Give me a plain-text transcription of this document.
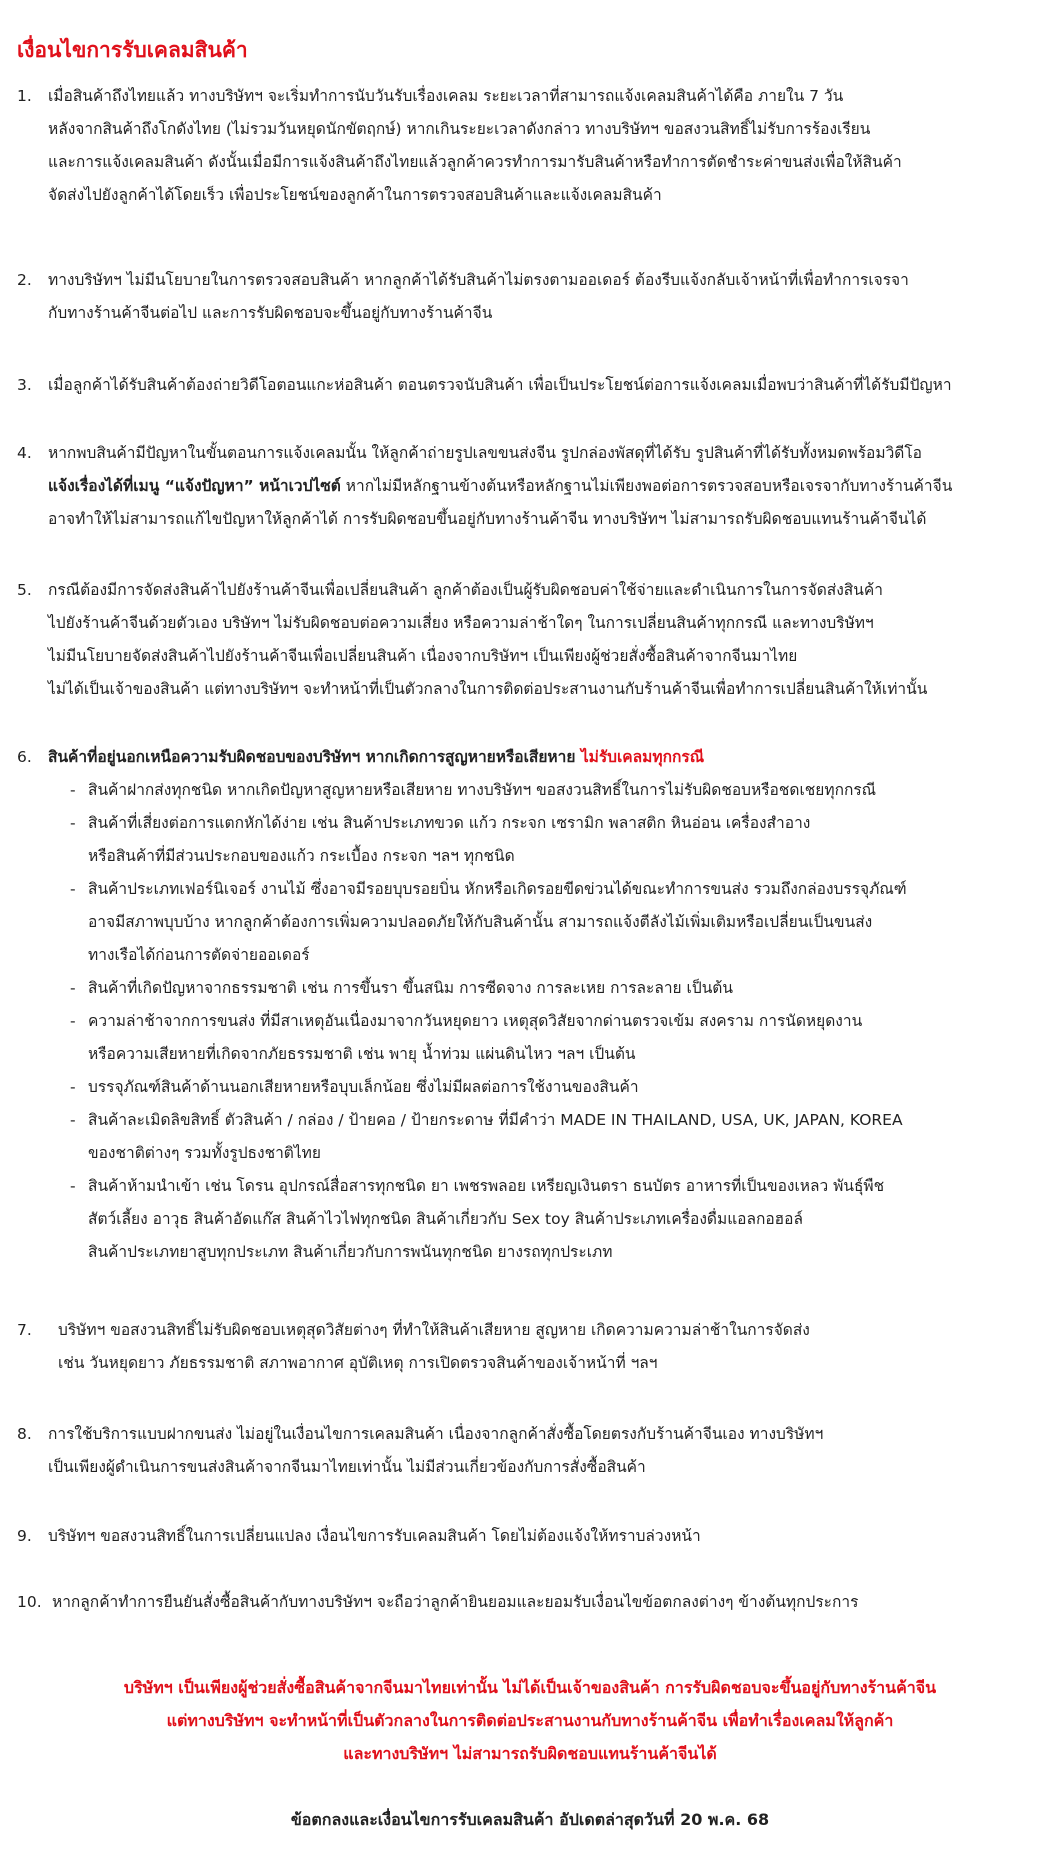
เงื่อนไขการรับเคลมสินค้า
1. เมื่อสินค้าถึงไทยแล้ว ทางบริษัทฯ จะเริ่มทำการนับวันรับเรื่องเคลม ระยะเวลาที่สามารถแจ้งเคลมสินค้าได้คือ ภายใน 7 วัน
หลังจากสินค้าถึงโกดังไทย (ไม่รวมวันหยุดนักขัตฤกษ์) หากเกินระยะเวลาดังกล่าว ทางบริษัทฯ ขอสงวนสิทธิ์ไม่รับการร้องเรียน
และการแจ้งเคลมสินค้า ดังนั้นเมื่อมีการแจ้งสินค้าถึงไทยแล้วลูกค้าควรทำการมารับสินค้าหรือทำการตัดชำระค่าขนส่งเพื่อให้สินค้า
จัดส่งไปยังลูกค้าได้โดยเร็ว เพื่อประโยชน์ของลูกค้าในการตรวจสอบสินค้าและแจ้งเคลมสินค้า
2. ทางบริษัทฯ ไม่มีนโยบายในการตรวจสอบสินค้า หากลูกค้าได้รับสินค้าไม่ตรงตามออเดอร์ ต้องรีบแจ้งกลับเจ้าหน้าที่เพื่อทำการเจรจา
กับทางร้านค้าจีนต่อไป และการรับผิดชอบจะขึ้นอยู่กับทางร้านค้าจีน
3. เมื่อลูกค้าได้รับสินค้าต้องถ่ายวิดีโอตอนแกะห่อสินค้า ตอนตรวจนับสินค้า เพื่อเป็นประโยชน์ต่อการแจ้งเคลมเมื่อพบว่าสินค้าที่ได้รับมีปัญหา
4. หากพบสินค้ามีปัญหาในขั้นตอนการแจ้งเคลมนั้น ให้ลูกค้าถ่ายรูปเลขขนส่งจีน รูปกล่องพัสดุที่ได้รับ รูปสินค้าที่ได้รับทั้งหมดพร้อมวิดีโอ
แจ้งเรื่องได้ที่เมนู “แจ้งปัญหา” หน้าเวปไซต์ หากไม่มีหลักฐานข้างต้นหรือหลักฐานไม่เพียงพอต่อการตรวจสอบหรือเจรจากับทางร้านค้าจีน
อาจทำให้ไม่สามารถแก้ไขปัญหาให้ลูกค้าได้ การรับผิดชอบขึ้นอยู่กับทางร้านค้าจีน ทางบริษัทฯ ไม่สามารถรับผิดชอบแทนร้านค้าจีนได้
5. กรณีต้องมีการจัดส่งสินค้าไปยังร้านค้าจีนเพื่อเปลี่ยนสินค้า ลูกค้าต้องเป็นผู้รับผิดชอบค่าใช้จ่ายและดำเนินการในการจัดส่งสินค้า
ไปยังร้านค้าจีนด้วยตัวเอง บริษัทฯ ไม่รับผิดชอบต่อความเสี่ยง หรือความล่าช้าใดๆ ในการเปลี่ยนสินค้าทุกกรณี และทางบริษัทฯ
ไม่มีนโยบายจัดส่งสินค้าไปยังร้านค้าจีนเพื่อเปลี่ยนสินค้า เนื่องจากบริษัทฯ เป็นเพียงผู้ช่วยสั่งซื้อสินค้าจากจีนมาไทย
ไม่ได้เป็นเจ้าของสินค้า แต่ทางบริษัทฯ จะทำหน้าที่เป็นตัวกลางในการติดต่อประสานงานกับร้านค้าจีนเพื่อทำการเปลี่ยนสินค้าให้เท่านั้น
6. สินค้าที่อยู่นอกเหนือความรับผิดชอบของบริษัทฯ หากเกิดการสูญหายหรือเสียหาย ไม่รับเคลมทุกกรณี
- สินค้าฝากส่งทุกชนิด หากเกิดปัญหาสูญหายหรือเสียหาย ทางบริษัทฯ ขอสงวนสิทธิ์ในการไม่รับผิดชอบหรือชดเชยทุกกรณี
- สินค้าที่เสี่ยงต่อการแตกหักได้ง่าย เช่น สินค้าประเภทขวด แก้ว กระจก เซรามิก พลาสติก หินอ่อน เครื่องสำอาง
หรือสินค้าที่มีส่วนประกอบของแก้ว กระเบื้อง กระจก ฯลฯ ทุกชนิด
- สินค้าประเภทเฟอร์นิเจอร์ งานไม้ ซึ่งอาจมีรอยบุบรอยบิ่น หักหรือเกิดรอยขีดข่วนได้ขณะทำการขนส่ง รวมถึงกล่องบรรจุภัณฑ์
อาจมีสภาพบุบบ้าง หากลูกค้าต้องการเพิ่มความปลอดภัยให้กับสินค้านั้น สามารถแจ้งตีลังไม้เพิ่มเติมหรือเปลี่ยนเป็นขนส่ง
ทางเรือได้ก่อนการตัดจ่ายออเดอร์
- สินค้าที่เกิดปัญหาจากธรรมชาติ เช่น การขึ้นรา ขึ้นสนิม การซีดจาง การละเหย การละลาย เป็นต้น
- ความล่าช้าจากการขนส่ง ที่มีสาเหตุอันเนื่องมาจากวันหยุดยาว เหตุสุดวิสัยจากด่านตรวจเข้ม สงคราม การนัดหยุดงาน
หรือความเสียหายที่เกิดจากภัยธรรมชาติ เช่น พายุ น้ำท่วม แผ่นดินไหว ฯลฯ เป็นต้น
- บรรจุภัณฑ์สินค้าด้านนอกเสียหายหรือบุบเล็กน้อย ซึ่งไม่มีผลต่อการใช้งานของสินค้า
- สินค้าละเมิดลิขสิทธิ์ ตัวสินค้า / กล่อง / ป้ายคอ / ป้ายกระดาษ ที่มีคำว่า MADE IN THAILAND, USA, UK, JAPAN, KOREA
ของชาติต่างๆ รวมทั้งรูปธงชาติไทย
- สินค้าห้ามนำเข้า เช่น โดรน อุปกรณ์สื่อสารทุกชนิด ยา เพชรพลอย เหรียญเงินตรา ธนบัตร อาหารที่เป็นของเหลว พันธุ์พืช
สัตว์เลี้ยง อาวุธ สินค้าอัดแก๊ส สินค้าไวไฟทุกชนิด สินค้าเกี่ยวกับ Sex toy สินค้าประเภทเครื่องดื่มแอลกอฮอล์
สินค้าประเภทยาสูบทุกประเภท สินค้าเกี่ยวกับการพนันทุกชนิด ยางรถทุกประเภท
7. บริษัทฯ ขอสงวนสิทธิ์ไม่รับผิดชอบเหตุสุดวิสัยต่างๆ ที่ทำให้สินค้าเสียหาย สูญหาย เกิดความความล่าช้าในการจัดส่ง
เช่น วันหยุดยาว ภัยธรรมชาติ สภาพอากาศ อุบัติเหตุ การเปิดตรวจสินค้าของเจ้าหน้าที่ ฯลฯ
8. การใช้บริการแบบฝากขนส่ง ไม่อยู่ในเงื่อนไขการเคลมสินค้า เนื่องจากลูกค้าสั่งซื้อโดยตรงกับร้านค้าจีนเอง ทางบริษัทฯ
เป็นเพียงผู้ดำเนินการขนส่งสินค้าจากจีนมาไทยเท่านั้น ไม่มีส่วนเกี่ยวข้องกับการสั่งซื้อสินค้า
9. บริษัทฯ ขอสงวนสิทธิ์ในการเปลี่ยนแปลง เงื่อนไขการรับเคลมสินค้า โดยไม่ต้องแจ้งให้ทราบล่วงหน้า
10. หากลูกค้าทำการยืนยันสั่งซื้อสินค้ากับทางบริษัทฯ จะถือว่าลูกค้ายินยอมและยอมรับเงื่อนไขข้อตกลงต่างๆ ข้างต้นทุกประการ
บริษัทฯ เป็นเพียงผู้ช่วยสั่งซื้อสินค้าจากจีนมาไทยเท่านั้น ไม่ได้เป็นเจ้าของสินค้า การรับผิดชอบจะขึ้นอยู่กับทางร้านค้าจีน
แต่ทางบริษัทฯ จะทำหน้าที่เป็นตัวกลางในการติดต่อประสานงานกับทางร้านค้าจีน เพื่อทำเรื่องเคลมให้ลูกค้า
และทางบริษัทฯ ไม่สามารถรับผิดชอบแทนร้านค้าจีนได้
ข้อตกลงและเงื่อนไขการรับเคลมสินค้า อัปเดตล่าสุดวันที่ 20 พ.ค. 68
